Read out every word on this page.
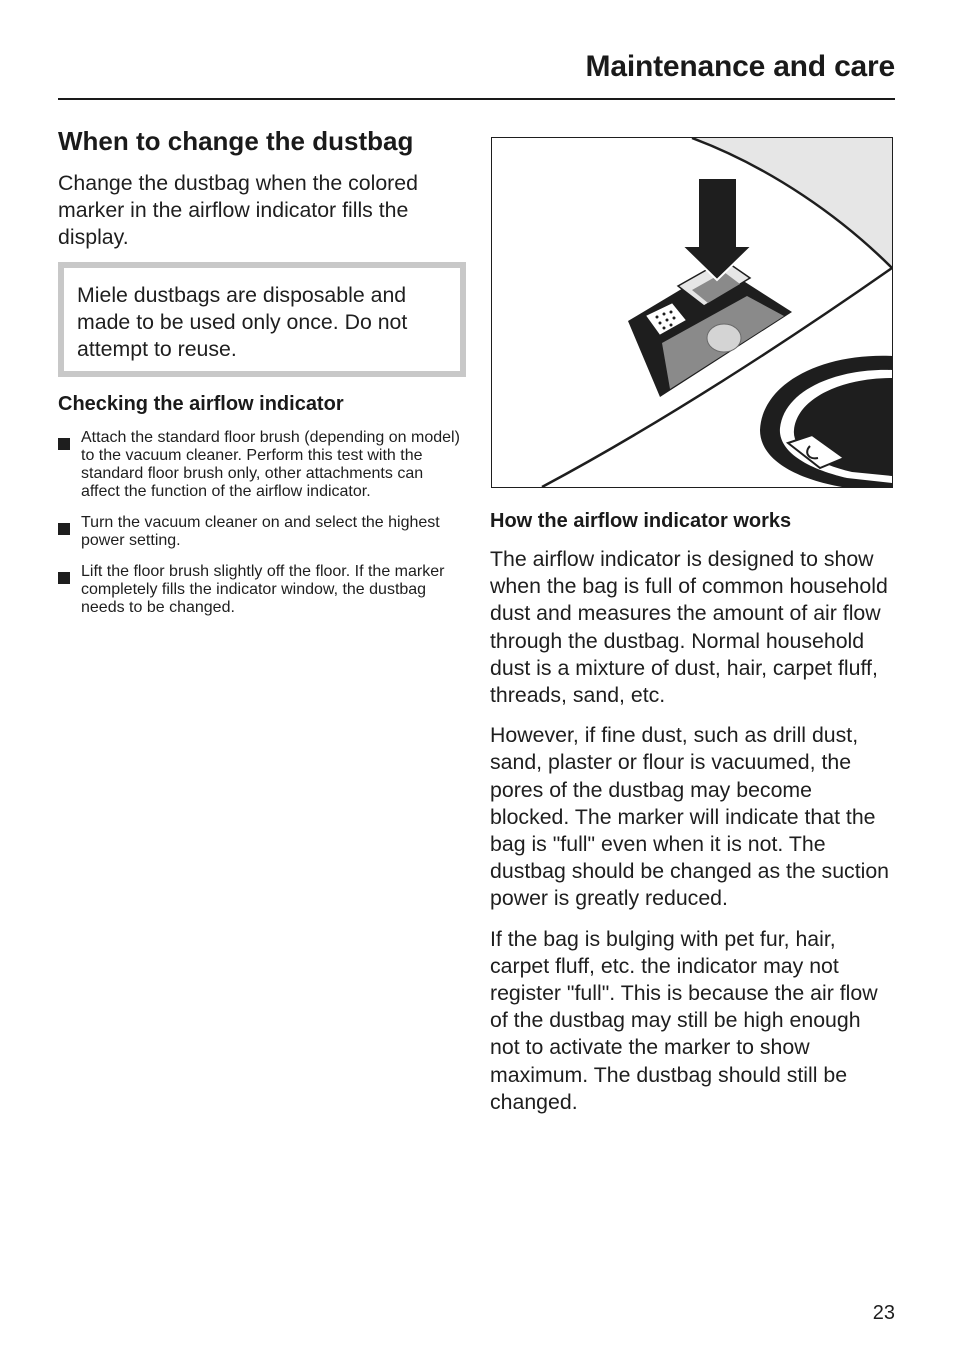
Maintenance and care
When to change the dustbag

Change the dustbag when the colored marker in the airflow indicator fills the display.

Miele dustbags are disposable and made to be used only once. Do not attempt to reuse.

Checking the airflow indicator
Attach the standard floor brush (depending on model) to the vacuum cleaner. Perform this test with the standard floor brush only, other attachments can affect the function of the airflow indicator.
Turn the vacuum cleaner on and select the highest power setting.
Lift the floor brush slightly off the floor. If the marker completely fills the indicator window, the dustbag needs to be changed.
How the airflow indicator works

The airflow indicator is designed to show when the bag is full of common household dust and measures the amount of air flow through the dustbag. Normal household dust is a mixture of dust, hair, carpet fluff, threads, sand, etc.

However, if fine dust, such as drill dust, sand, plaster or flour is vacuumed, the pores of the dustbag may become blocked. The marker will indicate that the bag is "full" even when it is not. The dustbag should be changed as the suction power is greatly reduced.

If the bag is bulging with pet fur, hair, carpet fluff, etc. the indicator may not register "full". This is because the air flow of the dustbag may still be high enough not to activate the marker to show maximum. The dustbag should still be changed.

23
